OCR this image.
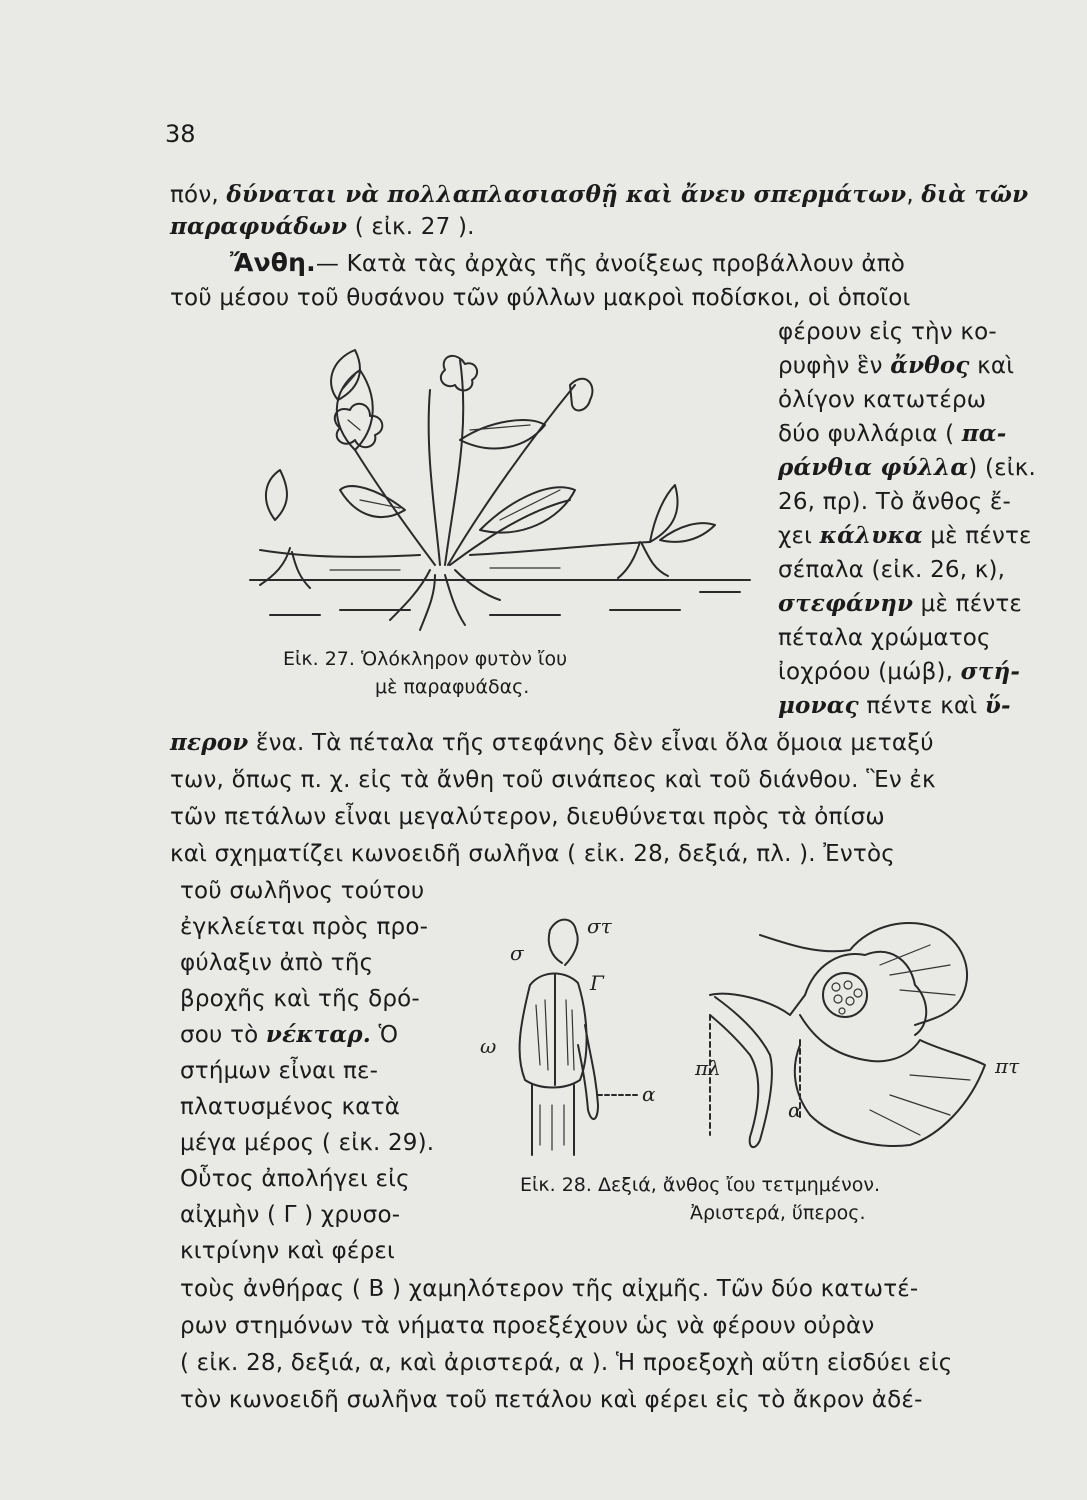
38
πόν, δύναται νὰ πολλαπλασιασθῇ καὶ ἄνευ σπερμάτων, διὰ τῶν
παραφυάδων ( εἰκ. 27 ).
Ἄνθη.— Κατὰ τὰς ἀρχὰς τῆς ἀνοίξεως προβάλλουν ἀπὸ
τοῦ μέσου τοῦ θυσάνου τῶν φύλλων μακροὶ ποδίσκοι, οἱ ὁποῖοι
φέρουν εἰς τὴν κο-
ρυφὴν ἓν ἄνθος καὶ
ὀλίγον κατωτέρω
δύο φυλλάρια ( πα-
ράνθια φύλλα) (εἰκ.
26, πρ). Τὸ ἄνθος ἔ-
χει κάλυκα μὲ πέντε
σέπαλα (εἰκ. 26, κ),
στεφάνην μὲ πέντε
πέταλα χρώματος
ἰοχρόου (μώβ), στή-
μονας πέντε καὶ ὕ-
περον ἕνα. Τὰ πέταλα τῆς στεφάνης δὲν εἶναι ὅλα ὅμοια μεταξύ
των, ὅπως π. χ. εἰς τὰ ἄνθη τοῦ σινάπεος καὶ τοῦ διάνθου. Ἓν ἐκ
τῶν πετάλων εἶναι μεγαλύτερον, διευθύνεται πρὸς τὰ ὀπίσω
καὶ σχηματίζει κωνοειδῆ σωλῆνα ( εἰκ. 28, δεξιά, πλ. ). Ἐντὸς
τοῦ σωλῆνος τούτου
ἐγκλείεται πρὸς προ-
φύλαξιν ἀπὸ τῆς
βροχῆς καὶ τῆς δρό-
σου τὸ νέκταρ. Ὁ
στήμων εἶναι πε-
πλατυσμένος κατὰ
μέγα μέρος ( εἰκ. 29).
Οὗτος ἀπολήγει εἰς
αἰχμὴν ( Γ ) χρυσο-
κιτρίνην καὶ φέρει
τοὺς ἀνθήρας ( Β ) χαμηλότερον τῆς αἰχμῆς. Τῶν δύο κατωτέ-
ρων στημόνων τὰ νήματα προεξέχουν ὡς νὰ φέρουν οὐρὰν
( εἰκ. 28, δεξιά, α, καὶ ἀριστερά, α ). Ἡ προεξοχὴ αὕτη εἰσδύει εἰς
τὸν κωνοειδῆ σωλῆνα τοῦ πετάλου καὶ φέρει εἰς τὸ ἄκρον ἀδέ-
Εἰκ. 27. Ὁλόκληρον φυτὸν ἴου
μὲ παραφυάδας.
στ
σ
Γ
ω
α
πλ
α
πτ
Εἰκ. 28. Δεξιά, ἄνθος ἴου τετμημένον.
Ἀριστερά, ὕπερος.
